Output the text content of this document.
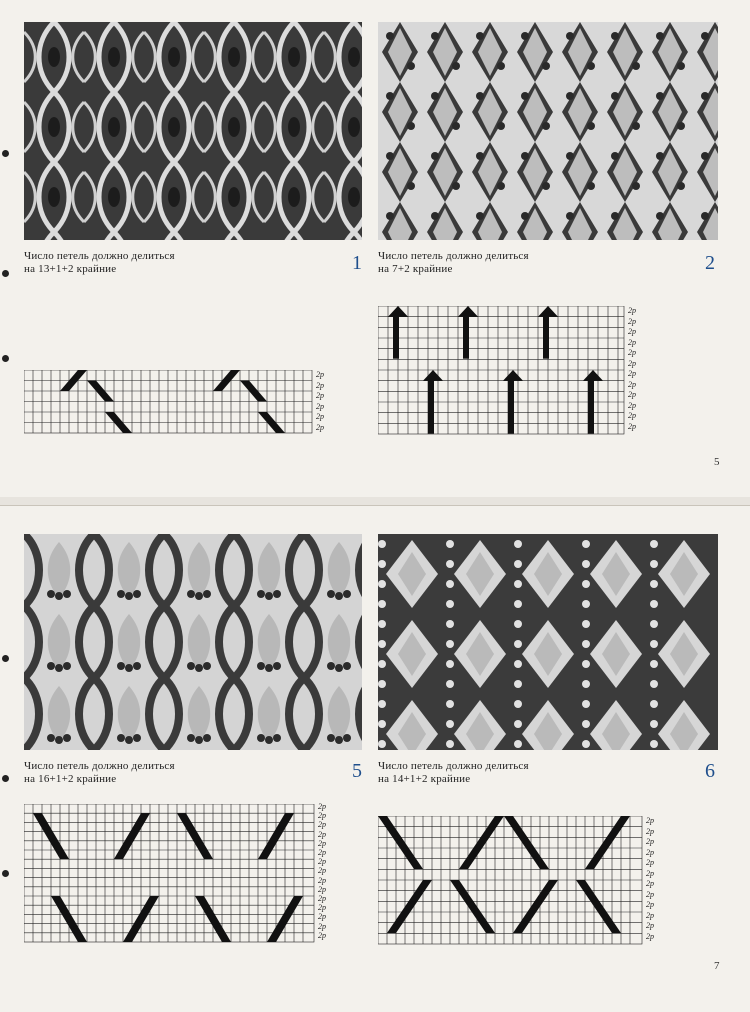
Число петель должно делиться
на 13+1+2 крайние	1 Число петель должно делиться
на 7+2 крайние	2
2р
2р
2р
2р
2р
2р
2р
2р
2р
2р
2р
2р
2р
2р
2р
2р
2р
2р
5
Число петель должно делиться
на 16+1+2 крайние	5 Число петель должно делиться
на 14+1+2 крайние	6
2р
2р
2р
2р
2р
2р
2р
2р
2р
2р
2р
2р
2р
2р
2р
2р
2р
2р
2р
2р
2р
2р
2р
2р
2р
2р
2р
7
